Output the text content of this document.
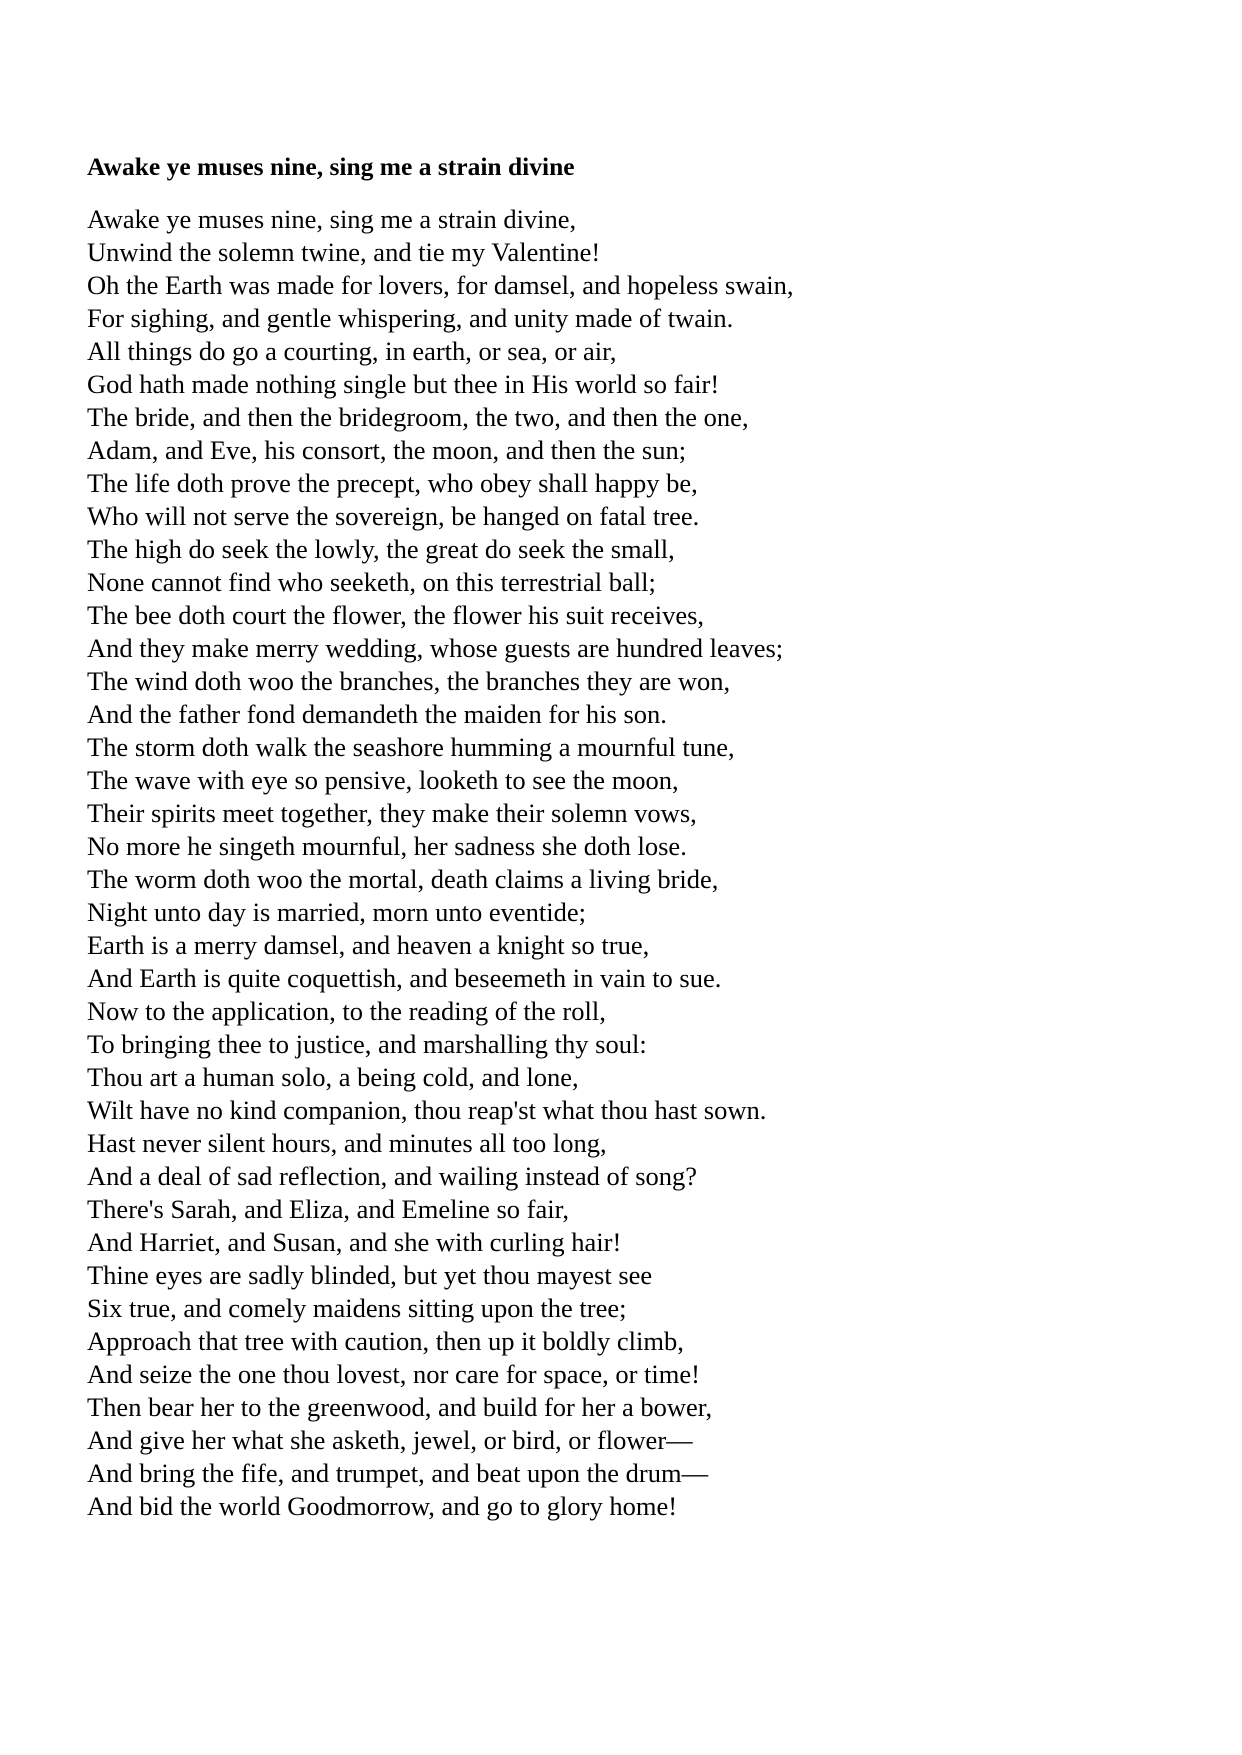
Awake ye muses nine, sing me a strain divine
Awake ye muses nine, sing me a strain divine,
Unwind the solemn twine, and tie my Valentine!
Oh the Earth was made for lovers, for damsel, and hopeless swain,
For sighing, and gentle whispering, and unity made of twain.
All things do go a courting, in earth, or sea, or air,
God hath made nothing single but thee in His world so fair!
The bride, and then the bridegroom, the two, and then the one,
Adam, and Eve, his consort, the moon, and then the sun;
The life doth prove the precept, who obey shall happy be,
Who will not serve the sovereign, be hanged on fatal tree.
The high do seek the lowly, the great do seek the small,
None cannot find who seeketh, on this terrestrial ball;
The bee doth court the flower, the flower his suit receives,
And they make merry wedding, whose guests are hundred leaves;
The wind doth woo the branches, the branches they are won,
And the father fond demandeth the maiden for his son.
The storm doth walk the seashore humming a mournful tune,
The wave with eye so pensive, looketh to see the moon,
Their spirits meet together, they make their solemn vows,
No more he singeth mournful, her sadness she doth lose.
The worm doth woo the mortal, death claims a living bride,
Night unto day is married, morn unto eventide;
Earth is a merry damsel, and heaven a knight so true,
And Earth is quite coquettish, and beseemeth in vain to sue.
Now to the application, to the reading of the roll,
To bringing thee to justice, and marshalling thy soul:
Thou art a human solo, a being cold, and lone,
Wilt have no kind companion, thou reap'st what thou hast sown.
Hast never silent hours, and minutes all too long,
And a deal of sad reflection, and wailing instead of song?
There's Sarah, and Eliza, and Emeline so fair,
And Harriet, and Susan, and she with curling hair!
Thine eyes are sadly blinded, but yet thou mayest see
Six true, and comely maidens sitting upon the tree;
Approach that tree with caution, then up it boldly climb,
And seize the one thou lovest, nor care for space, or time!
Then bear her to the greenwood, and build for her a bower,
And give her what she asketh, jewel, or bird, or flower—
And bring the fife, and trumpet, and beat upon the drum—
And bid the world Goodmorrow, and go to glory home!
